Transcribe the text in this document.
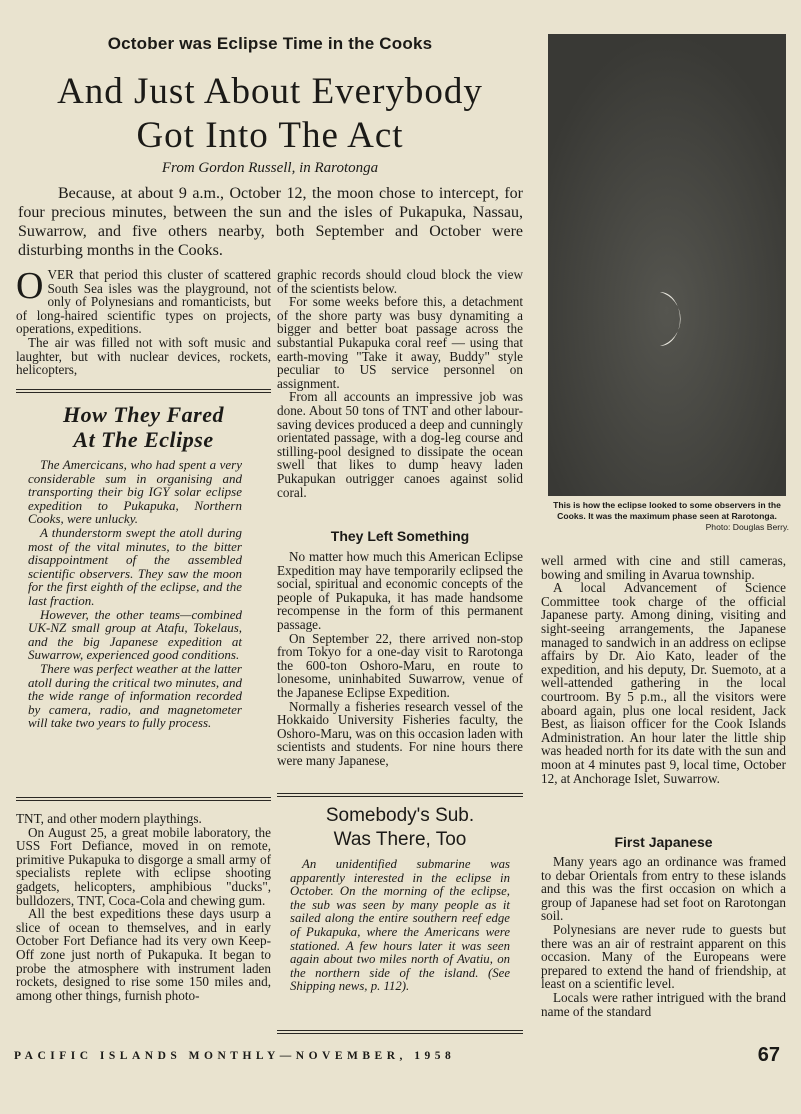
October was Eclipse Time in the Cooks
And Just About Everybody
Got Into The Act
From Gordon Russell, in Rarotonga
Because, at about 9 a.m., October 12, the moon chose to intercept, for four precious minutes, between the sun and the isles of Pukapuka, Nassau, Suwarrow, and five others nearby, both September and October were disturbing months in the Cooks.

OVER that period this cluster of scattered South Sea isles was the playground, not only of Polynesians and romanticists, but of long-haired scientific types on projects, operations, expeditions.

The air was filled not with soft music and laughter, but with nuclear devices, rockets, helicopters,

How They Fared
At The Eclipse

The Amercicans, who had spent a very considerable sum in organising and transporting their big IGY solar eclipse expedition to Pukapuka, Northern Cooks, were unlucky.

A thunderstorm swept the atoll during most of the vital minutes, to the bitter disappointment of the assembled scientific observers. They saw the moon for the first eighth of the eclipse, and the last fraction.

However, the other teams—combined UK-NZ small group at Atafu, Tokelaus, and the big Japanese expedition at Suwarrow, experienced good conditions.

There was perfect weather at the latter atoll during the critical two minutes, and the wide range of information recorded by camera, radio, and magnetometer will take two years to fully process.

TNT, and other modern playthings.

On August 25, a great mobile laboratory, the USS Fort Defiance, moved in on remote, primitive Pukapuka to disgorge a small army of specialists replete with eclipse shooting gadgets, helicopters, amphibious "ducks", bulldozers, TNT, Coca-Cola and chewing gum.

All the best expeditions these days usurp a slice of ocean to themselves, and in early October Fort Defiance had its very own Keep-Off zone just north of Pukapuka. It began to probe the atmosphere with instrument laden rockets, designed to rise some 150 miles and, among other things, furnish photo-

graphic records should cloud block the view of the scientists below.

For some weeks before this, a detachment of the shore party was busy dynamiting a bigger and better boat passage across the substantial Pukapuka coral reef — using that earth-moving "Take it away, Buddy" style peculiar to US service personnel on assignment.

From all accounts an impressive job was done. About 50 tons of TNT and other labour-saving devices produced a deep and cunningly orientated passage, with a dog-leg course and stilling-pool designed to dissipate the ocean swell that likes to dump heavy laden Pukapukan outrigger canoes against solid coral.

They Left Something

No matter how much this American Eclipse Expedition may have temporarily eclipsed the social, spiritual and economic concepts of the people of Pukapuka, it has made handsome recompense in the form of this permanent passage.

On September 22, there arrived non-stop from Tokyo for a one-day visit to Rarotonga the 600-ton Oshoro-Maru, en route to lonesome, uninhabited Suwarrow, venue of the Japanese Eclipse Expedition.

Normally a fisheries research vessel of the Hokkaido University Fisheries faculty, the Oshoro-Maru, was on this occasion laden with scientists and students. For nine hours there were many Japanese,

Somebody's Sub.
Was There, Too

An unidentified submarine was apparently interested in the eclipse in October. On the morning of the eclipse, the sub was seen by many people as it sailed along the entire southern reef edge of Pukapuka, where the Americans were stationed. A few hours later it was seen again about two miles north of Avatiu, on the northern side of the island. (See Shipping news, p. 112).

This is how the eclipse looked to some observers in the Cooks. It was the maximum phase seen at Rarotonga.
Photo: Douglas Berry.

well armed with cine and still cameras, bowing and smiling in Avarua township.

A local Advancement of Science Committee took charge of the official Japanese party. Among dining, visiting and sight-seeing arrangements, the Japanese managed to sandwich in an address on eclipse affairs by Dr. Aio Kato, leader of the expedition, and his deputy, Dr. Suemoto, at a well-attended gathering in the local courtroom. By 5 p.m., all the visitors were aboard again, plus one local resident, Jack Best, as liaison officer for the Cook Islands Administration. An hour later the little ship was headed north for its date with the sun and moon at 4 minutes past 9, local time, October 12, at Anchorage Islet, Suwarrow.

First Japanese

Many years ago an ordinance was framed to debar Orientals from entry to these islands and this was the first occasion on which a group of Japanese had set foot on Rarotongan soil.

Polynesians are never rude to guests but there was an air of restraint apparent on this occasion. Many of the Europeans were prepared to extend the hand of friendship, at least on a scientific level.

Locals were rather intrigued with the brand name of the standard

PACIFIC ISLANDS MONTHLY—NOVEMBER, 1958	67
